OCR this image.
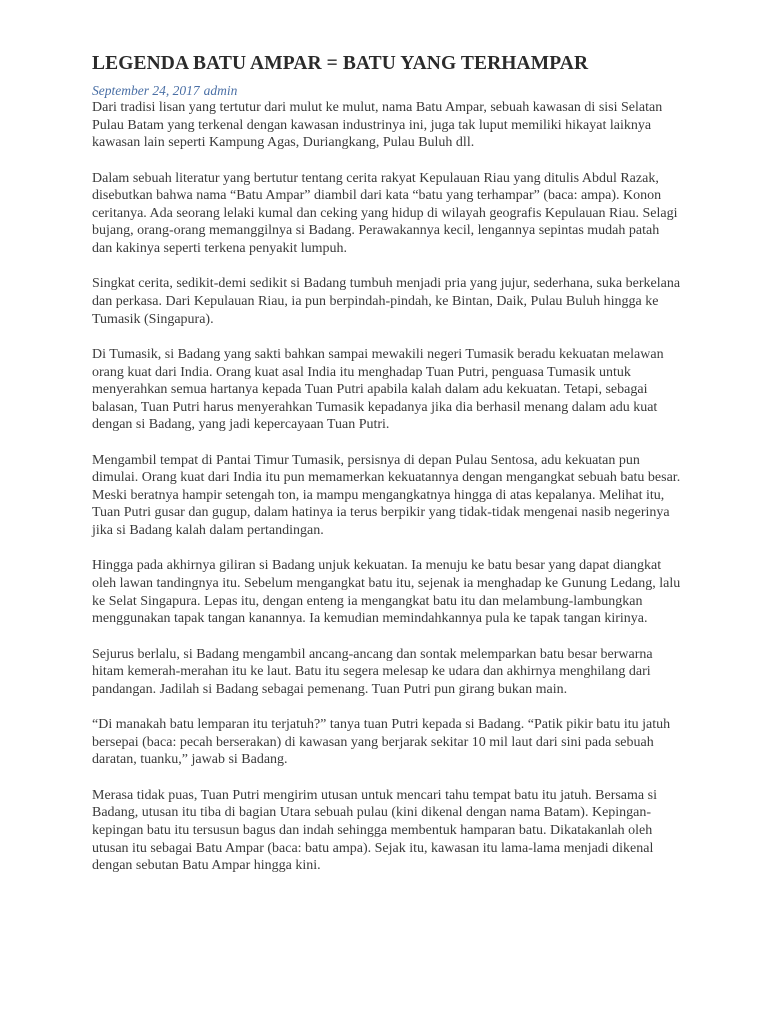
LEGENDA BATU AMPAR = BATU YANG TERHAMPAR
September 24, 2017 admin

Dari tradisi lisan yang tertutur dari mulut ke mulut, nama Batu Ampar, sebuah kawasan di sisi Selatan Pulau Batam yang terkenal dengan kawasan industrinya ini, juga tak luput memiliki hikayat laiknya kawasan lain seperti Kampung Agas, Duriangkang, Pulau Buluh dll.

Dalam sebuah literatur yang bertutur tentang cerita rakyat Kepulauan Riau yang ditulis Abdul Razak, disebutkan bahwa nama “Batu Ampar” diambil dari kata “batu yang terhampar” (baca: ampa). Konon ceritanya. Ada seorang lelaki kumal dan ceking yang hidup di wilayah geografis Kepulauan Riau. Selagi bujang, orang-orang memanggilnya si Badang. Perawakannya kecil, lengannya sepintas mudah patah dan kakinya seperti terkena penyakit lumpuh.

Singkat cerita, sedikit-demi sedikit si Badang tumbuh menjadi pria yang jujur, sederhana, suka berkelana dan perkasa. Dari Kepulauan Riau, ia pun berpindah-pindah, ke Bintan, Daik, Pulau Buluh hingga ke Tumasik (Singapura).

Di Tumasik, si Badang yang sakti bahkan sampai mewakili negeri Tumasik beradu kekuatan melawan orang kuat dari India. Orang kuat asal India itu menghadap Tuan Putri, penguasa Tumasik untuk menyerahkan semua hartanya kepada Tuan Putri apabila kalah dalam adu kekuatan. Tetapi, sebagai balasan, Tuan Putri harus menyerahkan Tumasik kepadanya jika dia berhasil menang dalam adu kuat dengan si Badang, yang jadi kepercayaan Tuan Putri.

Mengambil tempat di Pantai Timur Tumasik, persisnya di depan Pulau Sentosa, adu kekuatan pun dimulai. Orang kuat dari India itu pun memamerkan kekuatannya dengan mengangkat sebuah batu besar. Meski beratnya hampir setengah ton, ia mampu mengangkatnya hingga di atas kepalanya. Melihat itu, Tuan Putri gusar dan gugup, dalam hatinya ia terus berpikir yang tidak-tidak mengenai nasib negerinya jika si Badang kalah dalam pertandingan.

Hingga pada akhirnya giliran si Badang unjuk kekuatan. Ia menuju ke batu besar yang dapat diangkat oleh lawan tandingnya itu. Sebelum mengangkat batu itu, sejenak ia menghadap ke Gunung Ledang, lalu ke Selat Singapura. Lepas itu, dengan enteng ia mengangkat batu itu dan melambung-lambungkan menggunakan tapak tangan kanannya. Ia kemudian memindahkannya pula ke tapak tangan kirinya.

Sejurus berlalu, si Badang mengambil ancang-ancang dan sontak melemparkan batu besar berwarna hitam kemerah-merahan itu ke laut. Batu itu segera melesap ke udara dan akhirnya menghilang dari pandangan. Jadilah si Badang sebagai pemenang. Tuan Putri pun girang bukan main.

“Di manakah batu lemparan itu terjatuh?” tanya tuan Putri kepada si Badang. “Patik pikir batu itu jatuh bersepai (baca: pecah berserakan) di kawasan yang berjarak sekitar 10 mil laut dari sini pada sebuah daratan, tuanku,” jawab si Badang.

Merasa tidak puas, Tuan Putri mengirim utusan untuk mencari tahu tempat batu itu jatuh. Bersama si Badang, utusan itu tiba di bagian Utara sebuah pulau (kini dikenal dengan nama Batam). Kepingan-kepingan batu itu tersusun bagus dan indah sehingga membentuk hamparan batu. Dikatakanlah oleh utusan itu sebagai Batu Ampar (baca: batu ampa). Sejak itu, kawasan itu lama-lama menjadi dikenal dengan sebutan Batu Ampar hingga kini.
